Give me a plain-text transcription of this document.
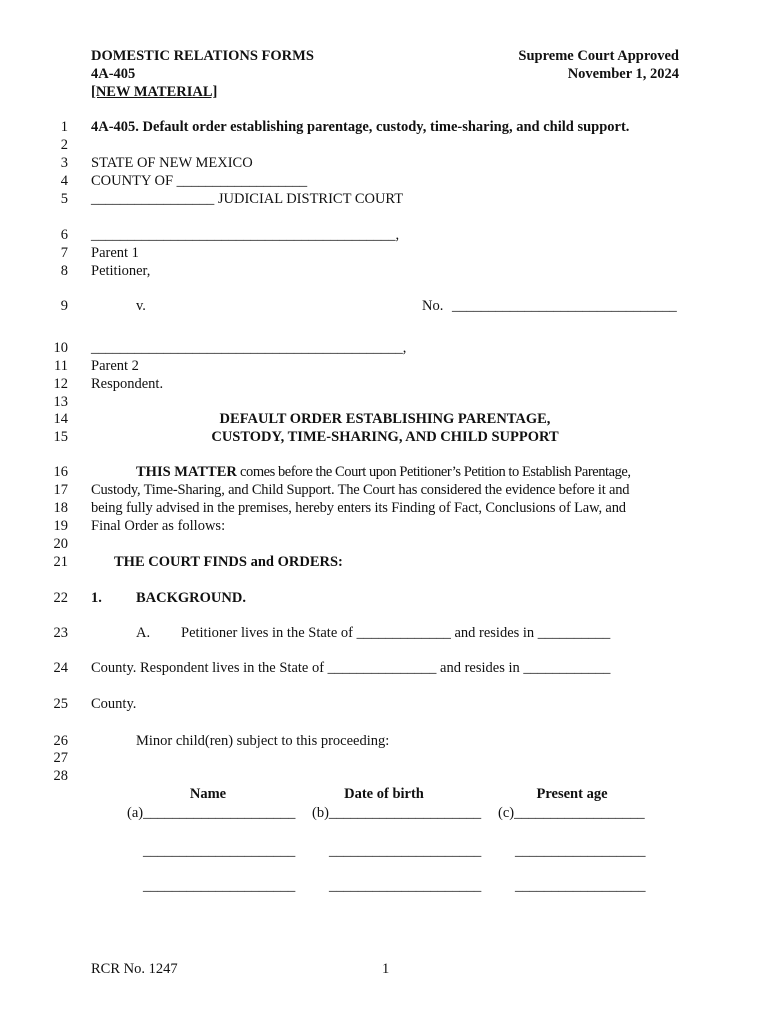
DOMESTIC RELATIONS FORMS
4A-405
[NEW MATERIAL]
Supreme Court Approved
November 1, 2024
1
2
3
4
5
6
7
8
9
10
11
12
13
14
15
16
17
18
19
20
21
22
23
24
25
26
27
28
4A-405. Default order establishing parentage, custody, time-sharing, and child support.
STATE OF NEW MEXICO
COUNTY OF __________________
_________________ JUDICIAL DISTRICT COURT
__________________________________________,
Parent 1
Petitioner,
v.	No. _______________________________
___________________________________________,
Parent 2
Respondent.
DEFAULT ORDER ESTABLISHING PARENTAGE,
CUSTODY, TIME-SHARING, AND CHILD SUPPORT
THIS MATTER comes before the Court upon Petitioner’s Petition to Establish Parentage,
Custody, Time-Sharing, and Child Support. The Court has considered the evidence before it and
being fully advised in the premises, hereby enters its Finding of Fact, Conclusions of Law, and
Final Order as follows:
THE COURT FINDS and ORDERS:
1. BACKGROUND.
A. Petitioner lives in the State of _____________ and resides in __________
County. Respondent lives in the State of _______________ and resides in ____________
County.
Minor child(ren) subject to this proceeding:
Name	Date of birth	Present age
(a)_____________________ (b)_____________________ (c)__________________
_____________________ _____________________ __________________
_____________________ _____________________ __________________
RCR No. 1247	1
